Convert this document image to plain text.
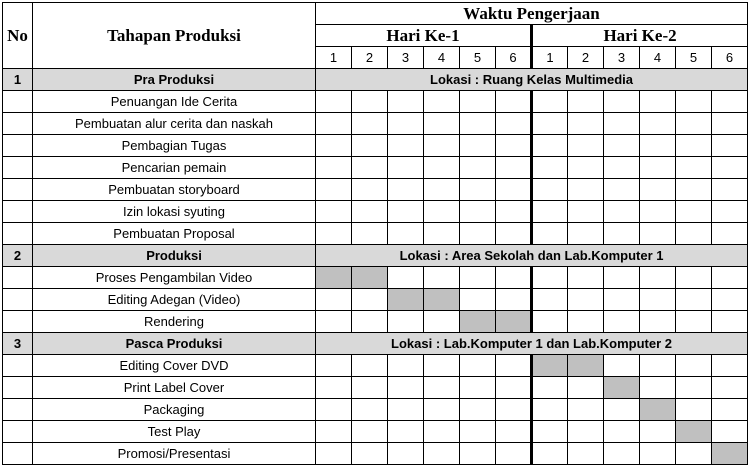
No	Tahapan Produksi	Waktu Pengerjaan											
		Hari Ke-1						Hari Ke-2					
		1	2	3	4	5	6	1	2	3	4	5	6
1	Pra Produksi	Lokasi : Ruang Kelas Multimedia											
	Penuangan Ide Cerita												
	Pembuatan alur cerita dan naskah												
	Pembagian Tugas												
	Pencarian pemain												
	Pembuatan storyboard												
	Izin lokasi syuting												
	Pembuatan Proposal												
2	Produksi	Lokasi : Area Sekolah dan Lab.Komputer 1											
	Proses Pengambilan Video												
	Editing Adegan (Video)												
	Rendering												
3	Pasca Produksi	Lokasi : Lab.Komputer 1 dan Lab.Komputer 2											
	Editing Cover DVD												
	Print Label Cover												
	Packaging												
	Test Play												
	Promosi/Presentasi												
